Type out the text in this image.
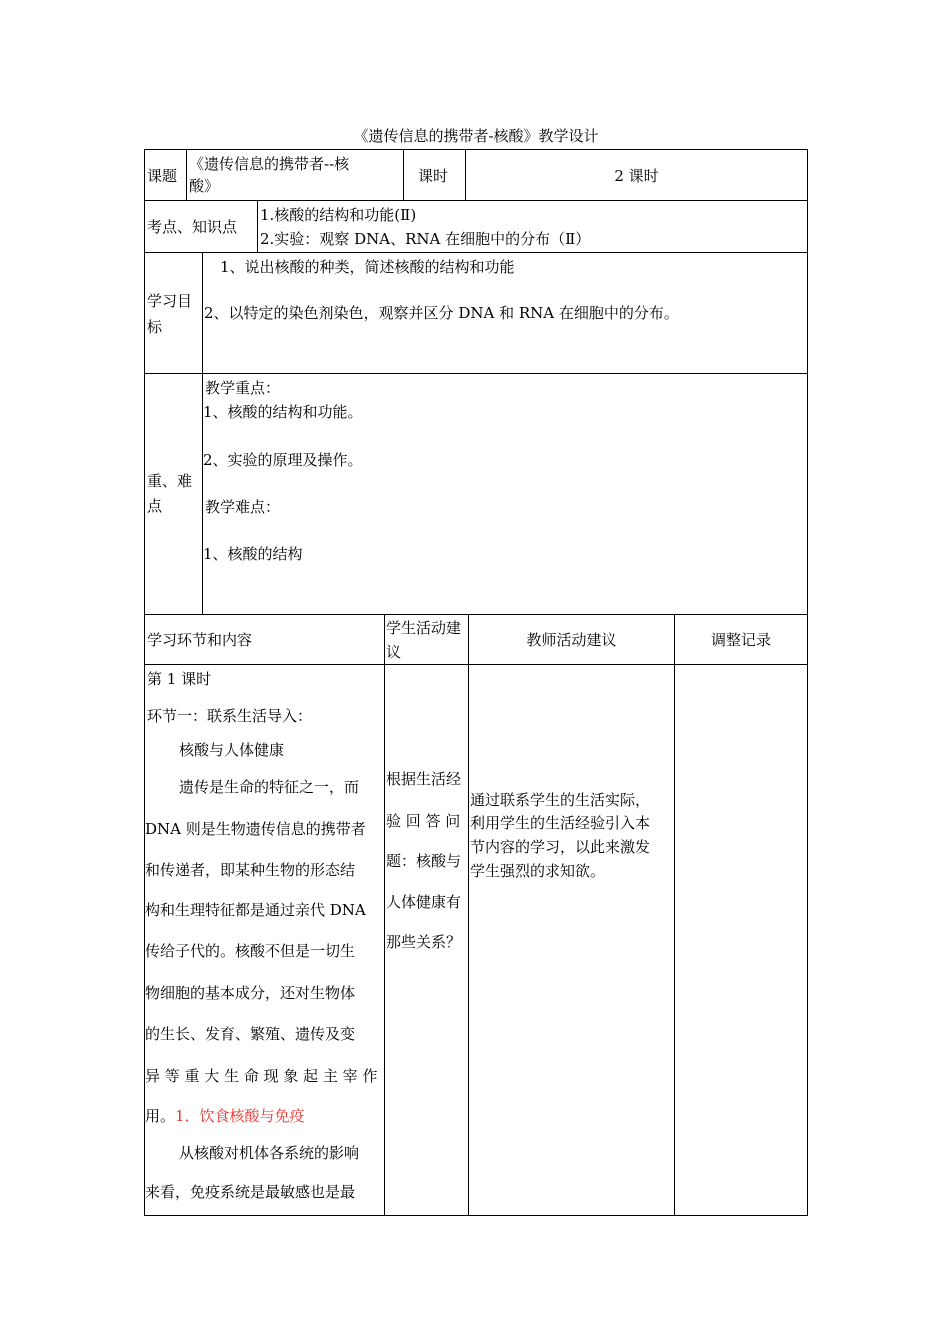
《遗传信息的携带者-核酸》教学设计
课题
《遗传信息的携带者--核
酸》
课时	2 课时
考点、知识点
1.核酸的结构和功能(Ⅱ)
2.实验：观察 DNA、RNA 在细胞中的分布（Ⅱ）
学习目
标
1、说出核酸的种类，简述核酸的结构和功能
2、以特定的染色剂染色，观察并区分 DNA 和 RNA 在细胞中的分布。
重、难
点
教学重点：
1、核酸的结构和功能。
2、实验的原理及操作。
教学难点：
1、核酸的结构
学习环节和内容
学生活动建
议
教师活动建议	调整记录
第 1 课时
环节一：联系生活导入：
核酸与人体健康
遗传是生命的特征之一，而
DNA 则是生物遗传信息的携带者
和传递者，即某种生物的形态结
构和生理特征都是通过亲代 DNA
传给子代的。核酸不但是一切生
物细胞的基本成分，还对生物体
的生长、发育、繁殖、遗传及变
异 等 重 大 生 命 现 象 起 主 宰 作
用。1．饮食核酸与免疫
从核酸对机体各系统的影响
来看，免疫系统是最敏感也是最
根据生活经
验 回 答 问
题：核酸与
人体健康有
那些关系？
通过联系学生的生活实际，
利用学生的生活经验引入本
节内容的学习，以此来激发
学生强烈的求知欲。
